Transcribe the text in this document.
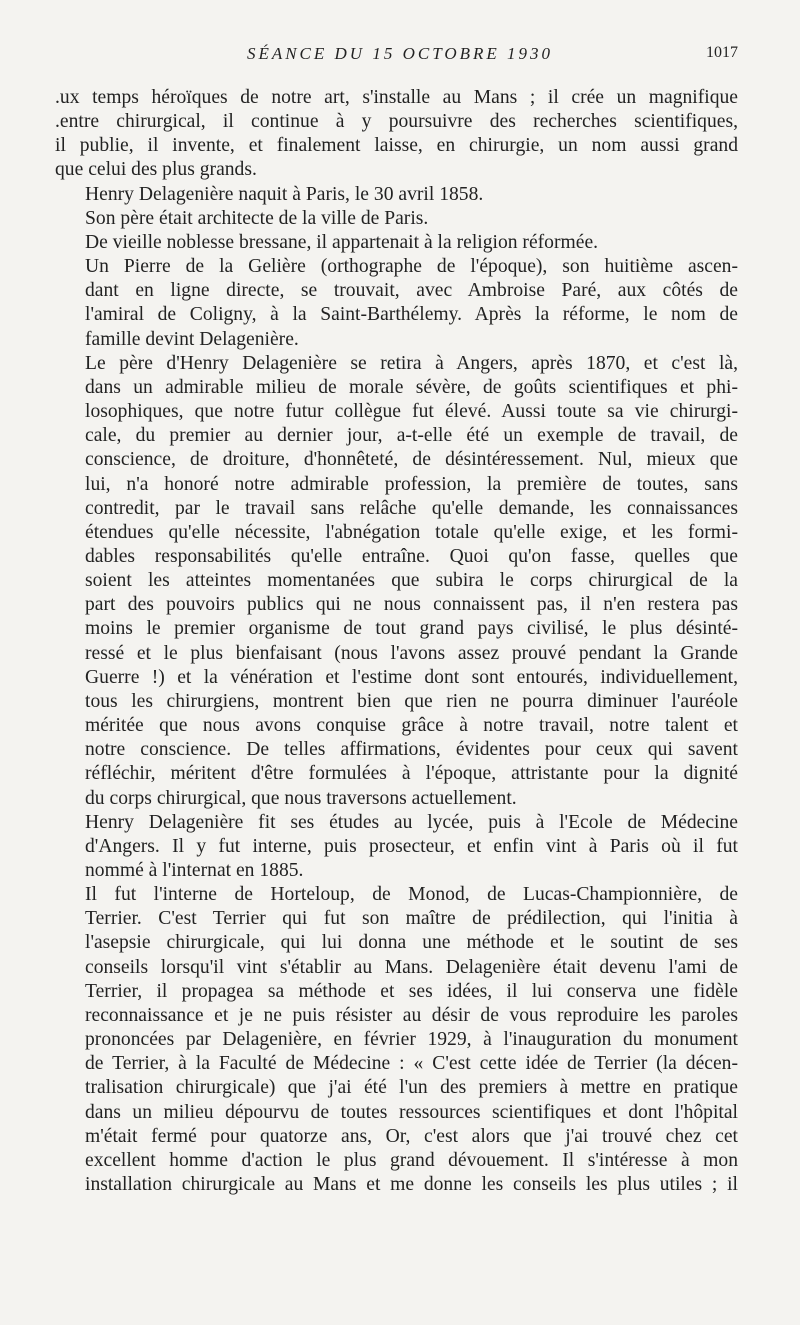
SÉANCE DU 15 OCTOBRE 1930	1017

.ux temps héroïques de notre art, s'installe au Mans ; il crée un magnifique
.entre chirurgical, il continue à y poursuivre des recherches scientifiques,
il publie, il invente, et finalement laisse, en chirurgie, un nom aussi grand
que celui des plus grands.

Henry Delagenière naquit à Paris, le 30 avril 1858.

Son père était architecte de la ville de Paris.

De vieille noblesse bressane, il appartenait à la religion réformée.

Un Pierre de la Gelière (orthographe de l'époque), son huitième ascen-
dant en ligne directe, se trouvait, avec Ambroise Paré, aux côtés de
l'amiral de Coligny, à la Saint-Barthélemy. Après la réforme, le nom de
famille devint Delagenière.

Le père d'Henry Delagenière se retira à Angers, après 1870, et c'est là,
dans un admirable milieu de morale sévère, de goûts scientifiques et phi-
losophiques, que notre futur collègue fut élevé. Aussi toute sa vie chirurgi-
cale, du premier au dernier jour, a-t-elle été un exemple de travail, de
conscience, de droiture, d'honnêteté, de désintéressement. Nul, mieux que
lui, n'a honoré notre admirable profession, la première de toutes, sans
contredit, par le travail sans relâche qu'elle demande, les connaissances
étendues qu'elle nécessite, l'abnégation totale qu'elle exige, et les formi-
dables responsabilités qu'elle entraîne. Quoi qu'on fasse, quelles que
soient les atteintes momentanées que subira le corps chirurgical de la
part des pouvoirs publics qui ne nous connaissent pas, il n'en restera pas
moins le premier organisme de tout grand pays civilisé, le plus désinté-
ressé et le plus bienfaisant (nous l'avons assez prouvé pendant la Grande
Guerre !) et la vénération et l'estime dont sont entourés, individuellement,
tous les chirurgiens, montrent bien que rien ne pourra diminuer l'auréole
méritée que nous avons conquise grâce à notre travail, notre talent et
notre conscience. De telles affirmations, évidentes pour ceux qui savent
réfléchir, méritent d'être formulées à l'époque, attristante pour la dignité
du corps chirurgical, que nous traversons actuellement.

Henry Delagenière fit ses études au lycée, puis à l'Ecole de Médecine
d'Angers. Il y fut interne, puis prosecteur, et enfin vint à Paris où il fut
nommé à l'internat en 1885.

Il fut l'interne de Horteloup, de Monod, de Lucas-Championnière, de
Terrier. C'est Terrier qui fut son maître de prédilection, qui l'initia à
l'asepsie chirurgicale, qui lui donna une méthode et le soutint de ses
conseils lorsqu'il vint s'établir au Mans. Delagenière était devenu l'ami de
Terrier, il propagea sa méthode et ses idées, il lui conserva une fidèle
reconnaissance et je ne puis résister au désir de vous reproduire les paroles
prononcées par Delagenière, en février 1929, à l'inauguration du monument
de Terrier, à la Faculté de Médecine : « C'est cette idée de Terrier (la décen-
tralisation chirurgicale) que j'ai été l'un des premiers à mettre en pratique
dans un milieu dépourvu de toutes ressources scientifiques et dont l'hôpital
m'était fermé pour quatorze ans, Or, c'est alors que j'ai trouvé chez cet
excellent homme d'action le plus grand dévouement. Il s'intéresse à mon
installation chirurgicale au Mans et me donne les conseils les plus utiles ; il
